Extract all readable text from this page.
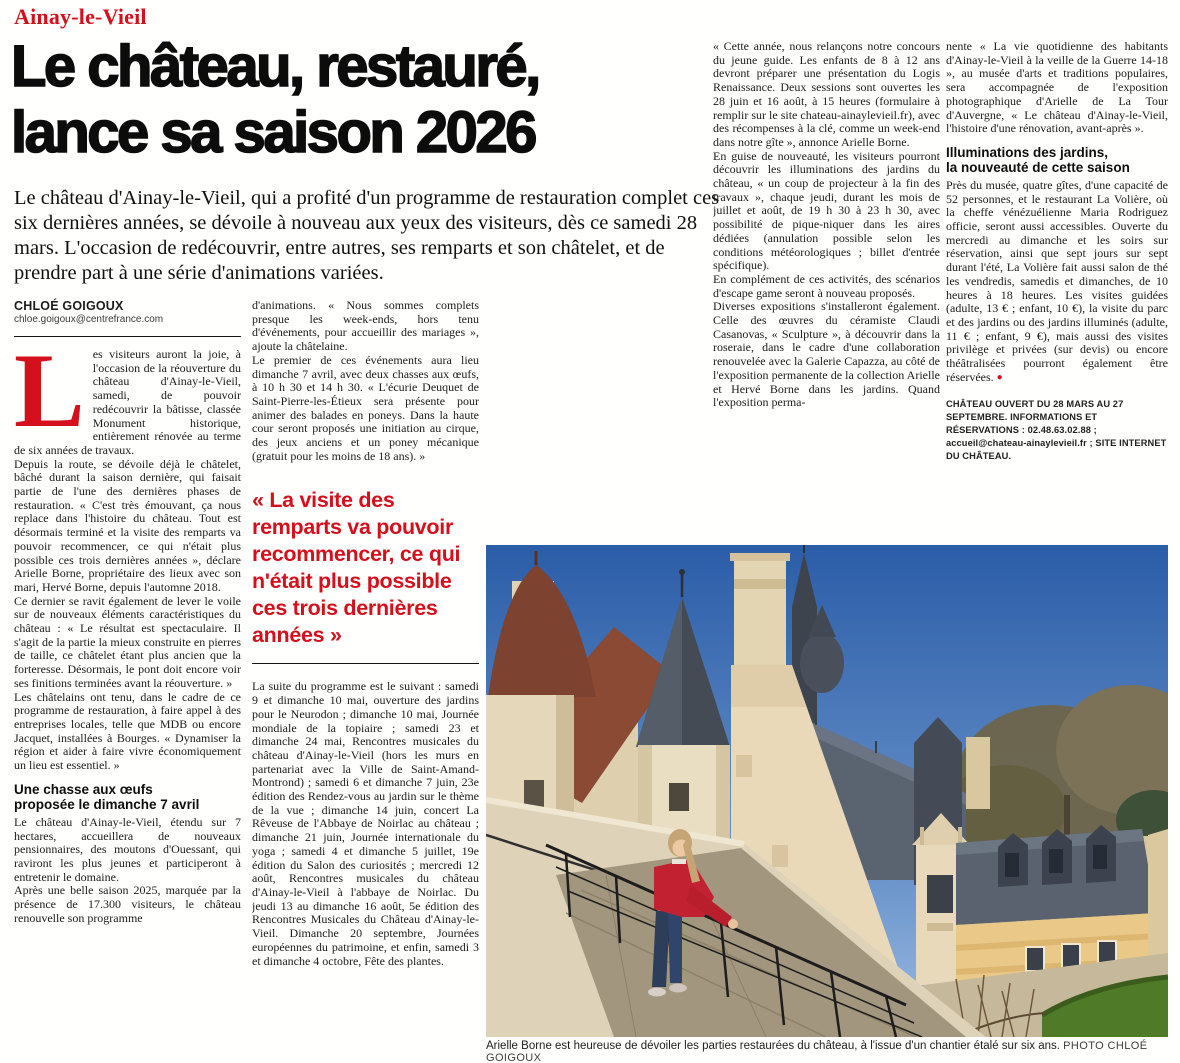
Ainay-le-Vieil
Le château, restauré,
lance sa saison 2026
Le château d'Ainay-le-Vieil, qui a profité d'un programme de restauration complet ces six dernières années, se dévoile à nouveau aux yeux des visiteurs, dès ce samedi 28 mars. L'occasion de redécouvrir, entre autres, ses remparts et son châtelet, et de prendre part à une série d'animations variées.
CHLOÉ GOIGOUX
chloe.goigoux@centrefrance.com

Les visiteurs auront la joie, à l'occasion de la réouverture du château d'Ainay-le-Vieil, samedi, de pouvoir redécouvrir la bâtisse, classée Monument historique, entièrement rénovée au terme de six années de travaux.

Depuis la route, se dévoile déjà le châtelet, bâché durant la saison dernière, qui faisait partie de l'une des dernières phases de restauration. « C'est très émouvant, ça nous replace dans l'histoire du château. Tout est désormais terminé et la visite des remparts va pouvoir recommencer, ce qui n'était plus possible ces trois dernières années », déclare Arielle Borne, propriétaire des lieux avec son mari, Hervé Borne, depuis l'automne 2018.

Ce dernier se ravit également de lever le voile sur de nouveaux éléments caractéristiques du château : « Le résultat est spectaculaire. Il s'agit de la partie la mieux construite en pierres de taille, ce châtelet étant plus ancien que la forteresse. Désormais, le pont doit encore voir ses finitions terminées avant la réouverture. »

Les châtelains ont tenu, dans le cadre de ce programme de restauration, à faire appel à des entreprises locales, telle que MDB ou encore Jacquet, installées à Bourges. « Dynamiser la région et aider à faire vivre économiquement un lieu est essentiel. »

Une chasse aux œufs
proposée le dimanche 7 avril

Le château d'Ainay-le-Vieil, étendu sur 7 hectares, accueillera de nouveaux pensionnaires, des moutons d'Ouessant, qui raviront les plus jeunes et participeront à entretenir le domaine.

Après une belle saison 2025, marquée par la présence de 17.300 visiteurs, le château renouvelle son programme

d'animations. « Nous sommes complets presque les week-ends, hors tenu d'événements, pour accueillir des mariages », ajoute la châtelaine.

Le premier de ces événements aura lieu dimanche 7 avril, avec deux chasses aux œufs, à 10 h 30 et 14 h 30. « L'écurie Deuquet de Saint-Pierre-les-Étieux sera présente pour animer des balades en poneys. Dans la haute cour seront proposés une initiation au cirque, des jeux anciens et un poney mécanique (gratuit pour les moins de 18 ans). »

« La visite des remparts va pouvoir recommencer, ce qui n'était plus possible ces trois dernières années »

La suite du programme est le suivant : samedi 9 et dimanche 10 mai, ouverture des jardins pour le Neurodon ; dimanche 10 mai, Journée mondiale de la topiaire ; samedi 23 et dimanche 24 mai, Rencontres musicales du château d'Ainay-le-Vieil (hors les murs en partenariat avec la Ville de Saint-Amand-Montrond) ; samedi 6 et dimanche 7 juin, 23e édition des Rendez-vous au jardin sur le thème de la vue ; dimanche 14 juin, concert La Rêveuse de l'Abbaye de Noirlac au château ; dimanche 21 juin, Journée internationale du yoga ; samedi 4 et dimanche 5 juillet, 19e édition du Salon des curiosités ; mercredi 12 août, Rencontres musicales du château d'Ainay-le-Vieil à l'abbaye de Noirlac. Du jeudi 13 au dimanche 16 août, 5e édition des Rencontres Musicales du Château d'Ainay-le-Vieil. Dimanche 20 septembre, Journées européennes du patrimoine, et enfin, samedi 3 et dimanche 4 octobre, Fête des plantes.

« Cette année, nous relançons notre concours du jeune guide. Les enfants de 8 à 12 ans devront préparer une présentation du Logis Renaissance. Deux sessions sont ouvertes les 28 juin et 16 août, à 15 heures (formulaire à remplir sur le site chateau-ainaylevieil.fr), avec des récompenses à la clé, comme un week-end dans notre gîte », annonce Arielle Borne.

En guise de nouveauté, les visiteurs pourront découvrir les illuminations des jardins du château, « un coup de projecteur à la fin des travaux », chaque jeudi, durant les mois de juillet et août, de 19 h 30 à 23 h 30, avec possibilité de pique-niquer dans les aires dédiées (annulation possible selon les conditions météorologiques ; billet d'entrée spécifique).

En complément de ces activités, des scénarios d'escape game seront à nouveau proposés.

Diverses expositions s'installeront également. Celle des œuvres du céramiste Claudi Casanovas, « Sculpture », à découvrir dans la roseraie, dans le cadre d'une collaboration renouvelée avec la Galerie Capazza, au côté de l'exposition permanente de la collection Arielle et Hervé Borne dans les jardins. Quand l'exposition perma-

nente « La vie quotidienne des habitants d'Ainay-le-Vieil à la veille de la Guerre 14-18 », au musée d'arts et traditions populaires, sera accompagnée de l'exposition photographique d'Arielle de La Tour d'Auvergne, « Le château d'Ainay-le-Vieil, l'histoire d'une rénovation, avant-après ».

Illuminations des jardins,
la nouveauté de cette saison

Près du musée, quatre gîtes, d'une capacité de 52 personnes, et le restaurant La Volière, où la cheffe vénézuélienne Maria Rodriguez officie, seront aussi accessibles. Ouverte du mercredi au dimanche et les soirs sur réservation, ainsi que sept jours sur sept durant l'été, La Volière fait aussi salon de thé les vendredis, samedis et dimanches, de 10 heures à 18 heures. Les visites guidées (adulte, 13 € ; enfant, 10 €), la visite du parc et des jardins ou des jardins illuminés (adulte, 11 € ; enfant, 9 €), mais aussi des visites privilège et privées (sur devis) ou encore théâtralisées pourront également être réservées. ●

CHÂTEAU OUVERT DU 28 MARS AU 27 SEPTEMBRE. INFORMATIONS ET RÉSERVATIONS : 02.48.63.02.88 ; accueil@chateau-ainaylevieil.fr ; SITE INTERNET DU CHÂTEAU.
Arielle Borne est heureuse de dévoiler les parties restaurées du château, à l'issue d'un chantier étalé sur six ans. PHOTO CHLOÉ GOIGOUX
